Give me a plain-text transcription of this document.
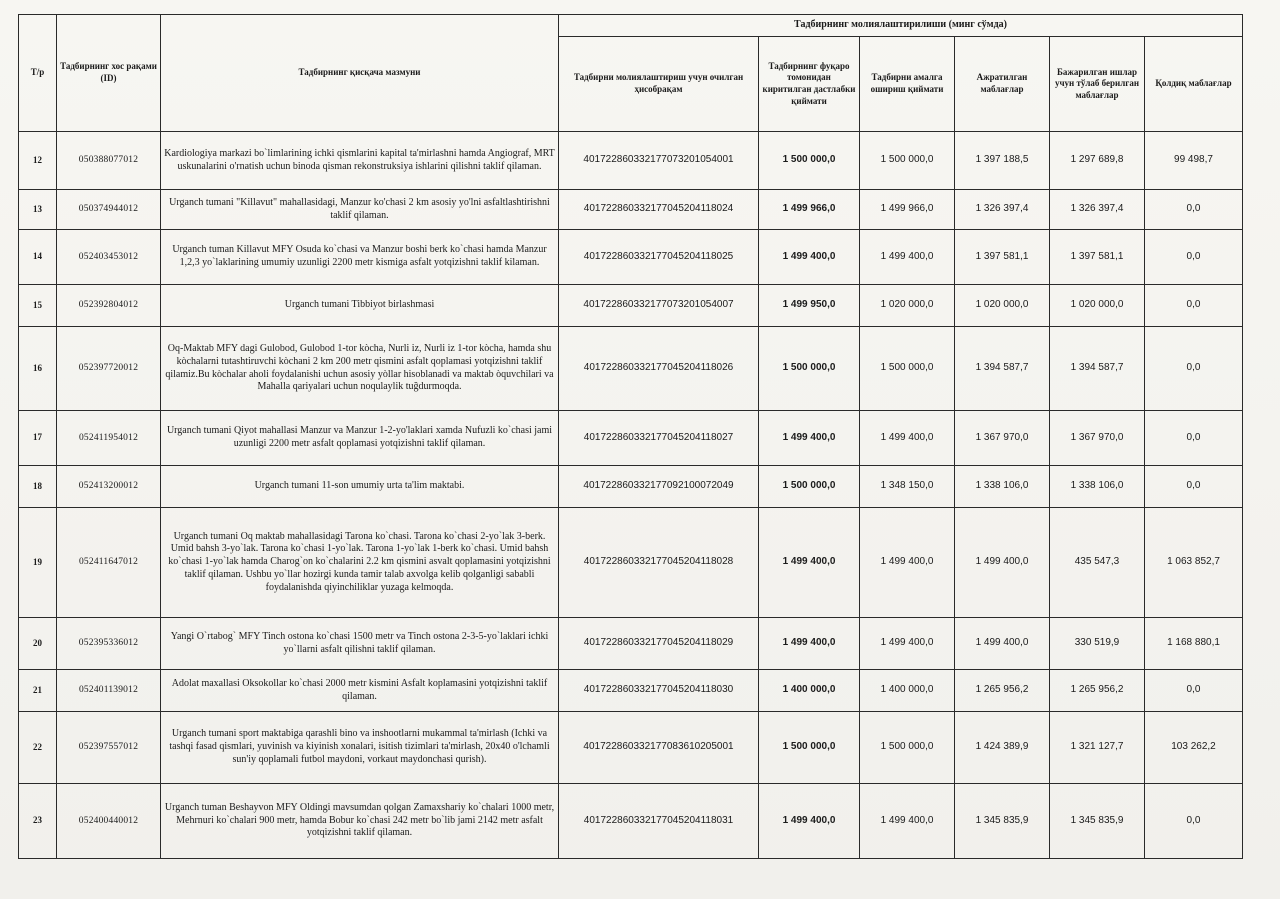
Т/р	Тадбирнинг хос рақами (ID)	Тадбирнинг қисқача мазмуни	Тадбирнинг молиялаштирилиши (минг сўмда)					
			Тадбирни молиялаштириш учун очилган ҳисобрақам	Тадбирнинг фуқаро томонидан киритилган дастлабки қиймати	Тадбирни амалга ошириш қиймати	Ажратилган маблағлар	Бажарилган ишлар учун тўлаб берилган маблағлар	Қолдиқ маблағлар
12	050388077012	Kardiologiya markazi bo`limlarining ichki qismlarini kapital ta'mirlashni hamda Angiograf, MRT uskunalarini o'rnatish uchun binoda qisman rekonstruksiya ishlarini qilishni taklif qilaman.	40172286033217707320105400​1	1 500 000,0	1 500 000,0	1 397 188,5	1 297 689,8	99 498,7
13	050374944012	Urganch tumani "Killavut" mahallasidagi, Manzur ko'chasi 2 km asosiy yo'lni asfaltlashtirishni taklif qilaman.	401722860332177045204118024	1 499 966,0	1 499 966,0	1 326 397,4	1 326 397,4	0,0
14	052403453012	Urganch tuman Killavut MFY Osuda ko`chasi va Manzur boshi berk ko`chasi hamda Manzur 1,2,3 yo`laklarining umumiy uzunligi 2200 metr kismiga asfalt yotqizishni taklif kilaman.	401722860332177045204118025	1 499 400,0	1 499 400,0	1 397 581,1	1 397 581,1	0,0
15	052392804012	Urganch tumani Tibbiyot birlashmasi	401722860332177073201054007	1 499 950,0	1 020 000,0	1 020 000,0	1 020 000,0	0,0
16	052397720012	Oq-Maktab MFY dagi Gulobod, Gulobod 1-tor kòcha, Nurli iz, Nurli iz 1-tor kòcha, hamda shu kòchalarni tutashtiruvchi kòchani 2 km 200 metr qismini asfalt qoplamasi yotqizishni taklif qilamiz.Bu kòchalar aholi foydalanishi uchun asosiy yòllar hisoblanadi va maktab òquvchilari va Mahalla qariyalari uchun noqulaylik tuğdurmoqda.	401722860332177045204118026	1 500 000,0	1 500 000,0	1 394 587,7	1 394 587,7	0,0
17	052411954012	Urganch tumani Qiyot mahallasi Manzur va Manzur 1-2-yo'laklari xamda Nufuzli ko`chasi jami uzunligi 2200 metr asfalt qoplamasi yotqizishni taklif qilaman.	401722860332177045204118027	1 499 400,0	1 499 400,0	1 367 970,0	1 367 970,0	0,0
18	052413200012	Urganch tumani 11-son umumiy urta ta'lim maktabi.	401722860332177092100072049	1 500 000,0	1 348 150,0	1 338 106,0	1 338 106,0	0,0
19	052411647012	Urganch tumani Oq maktab mahallasidagi Tarona ko`chasi. Tarona ko`chasi 2-yo`lak 3-berk. Umid bahsh 3-yo`lak. Tarona ko`chasi 1-yo`lak. Tarona 1-yo`lak 1-berk ko`chasi. Umid bahsh ko`chasi 1-yo`lak hamda Charog`on ko`chalarini 2.2 km qismini asvalt qoplamasini yotqizishni taklif qilaman. Ushbu yo`llar hozirgi kunda tamir talab axvolga kelib qolganligi sababli foydalanishda qiyinchiliklar yuzaga kelmoqda.	401722860332177045204118028	1 499 400,0	1 499 400,0	1 499 400,0	435 547,3	1 063 852,7
20	052395336012	Yangi O`rtabog` MFY Tinch ostona ko`chasi 1500 metr va Tinch ostona 2-3-5-yo`laklari ichki yo`llarni asfalt qilishni taklif qilaman.	401722860332177045204118029	1 499 400,0	1 499 400,0	1 499 400,0	330 519,9	1 168 880,1
21	052401139012	Adolat maxallasi Oksokollar ko`chasi 2000 metr kismini Asfalt koplamasini yotqizishni taklif qilaman.	401722860332177045204118030	1 400 000,0	1 400 000,0	1 265 956,2	1 265 956,2	0,0
22	052397557012	Urganch tumani sport maktabiga qarashli bino va inshootlarni mukammal ta'mirlash (Ichki va tashqi fasad qismlari, yuvinish va kiyinish xonalari, isitish tizimlari ta'mirlash, 20x40 o'lchamli sun'iy qoplamali futbol maydoni, vorkaut maydonchasi qurish).	401722860332177083610205001	1 500 000,0	1 500 000,0	1 424 389,9	1 321 127,7	103 262,2
23	052400440012	Urganch tuman Beshayvon MFY Oldingi mavsumdan qolgan Zamaxshariy ko`chalari 1000 metr, Mehrnuri ko`chalari 900 metr, hamda Bobur ko`chasi 242 metr bo`lib jami 2142 metr asfalt yotqizishni taklif qilaman.	401722860332177045204118031	1 499 400,0	1 499 400,0	1 345 835,9	1 345 835,9	0,0
